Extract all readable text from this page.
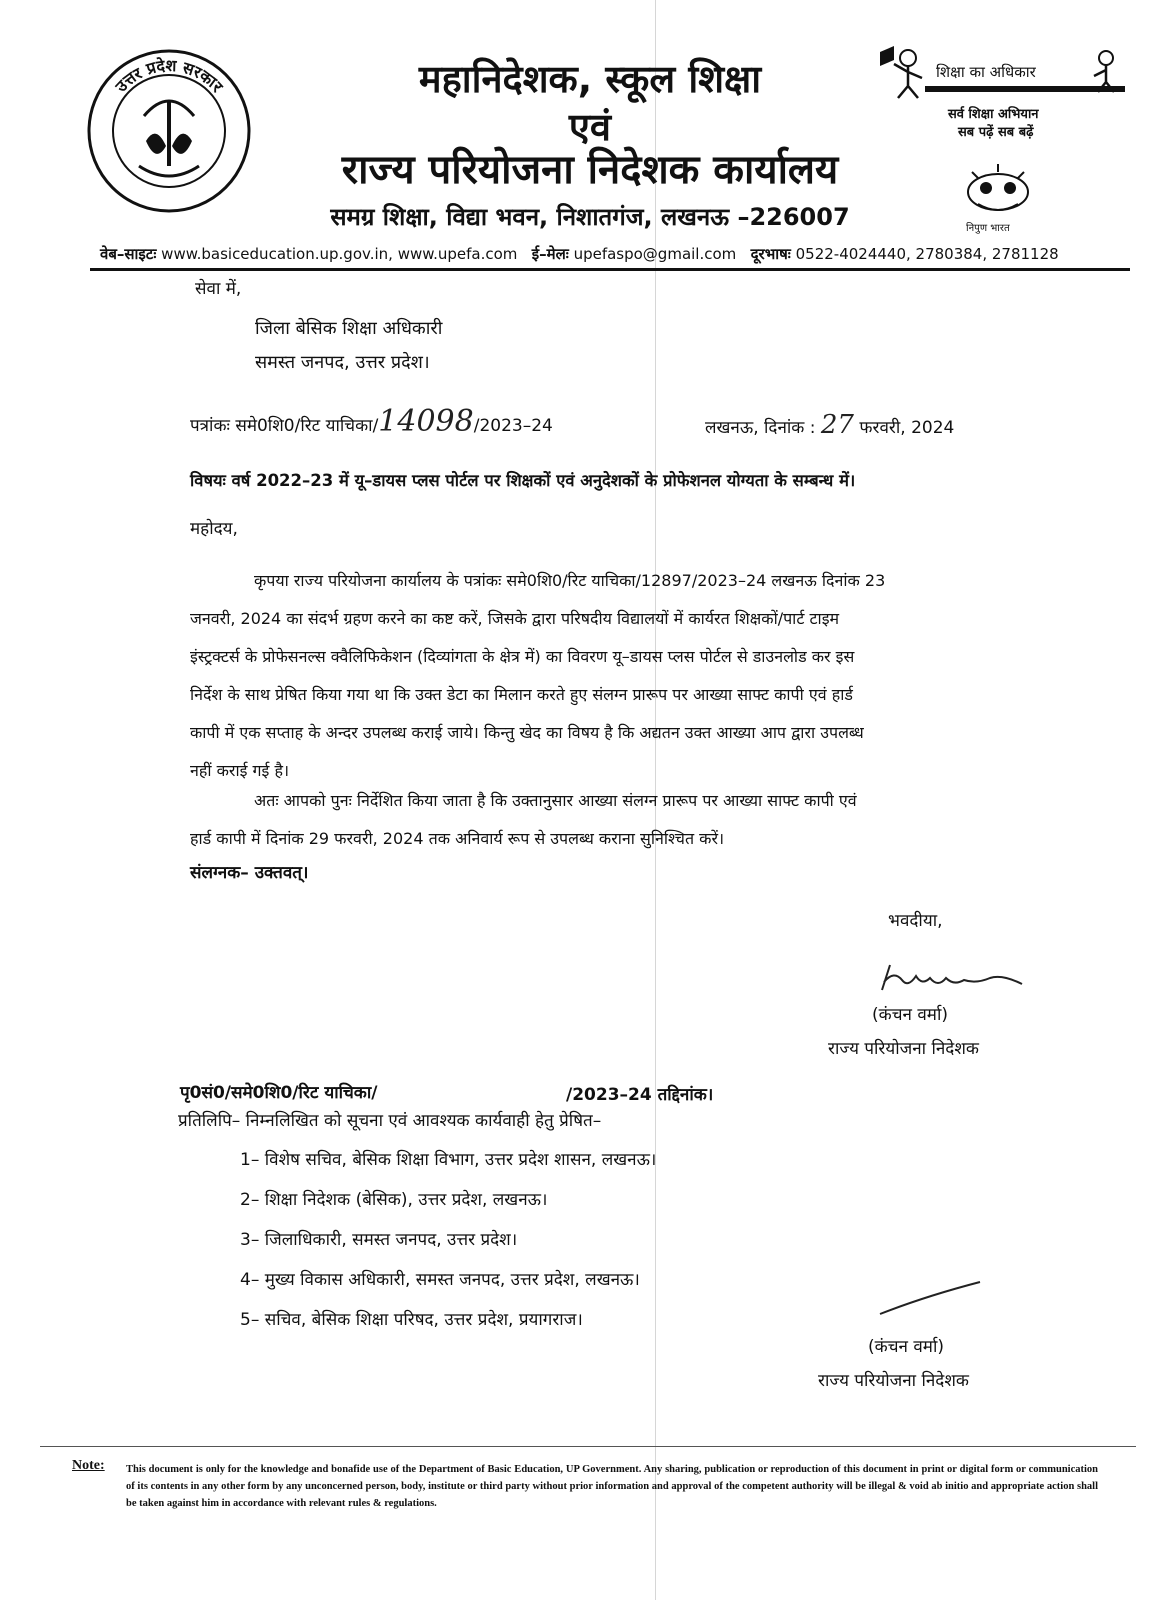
उत्तर प्रदेश सरकार	महानिदेशक, स्कूल शिक्षा
एवं
राज्य परियोजना निदेशक कार्यालय
समग्र शिक्षा, विद्या भवन, निशातगंज, लखनऊ –226007
शिक्षा का अधिकार
सर्व शिक्षा अभियान
सब पढ़ें सब बढ़ें
निपुण भारत
वेब–साइटः www.basiceducation.up.gov.in, www.upefa.com ई–मेलः upefaspo@gmail.com दूरभाषः 0522-4024440, 2780384, 2781128
सेवा में,
जिला बेसिक शिक्षा अधिकारी
समस्त जनपद, उत्तर प्रदेश।
पत्रांकः समे0शि0/रिट याचिका/14098/2023–24	लखनऊ, दिनांक : 27 फरवरी, 2024
विषयः वर्ष 2022–23 में यू–डायस प्लस पोर्टल पर शिक्षकों एवं अनुदेशकों के प्रोफेशनल योग्यता के सम्बन्ध में।
महोदय,
कृपया राज्य परियोजना कार्यालय के पत्रांकः समे0शि0/रिट याचिका/12897/2023–24 लखनऊ दिनांक 23
जनवरी, 2024 का संदर्भ ग्रहण करने का कष्ट करें, जिसके द्वारा परिषदीय विद्यालयों में कार्यरत शिक्षकों/पार्ट टाइम
इंस्ट्रक्टर्स के प्रोफेसनल्स क्वैलिफिकेशन (दिव्यांगता के क्षेत्र में) का विवरण यू–डायस प्लस पोर्टल से डाउनलोड कर इस
निर्देश के साथ प्रेषित किया गया था कि उक्त डेटा का मिलान करते हुए संलग्न प्रारूप पर आख्या साफ्ट कापी एवं हार्ड
कापी में एक सप्ताह के अन्दर उपलब्ध कराई जाये। किन्तु खेद का विषय है कि अद्यतन उक्त आख्या आप द्वारा उपलब्ध
नहीं कराई गई है।
अतः आपको पुनः निर्देशित किया जाता है कि उक्तानुसार आख्या संलग्न प्रारूप पर आख्या साफ्ट कापी एवं
हार्ड कापी में दिनांक 29 फरवरी, 2024 तक अनिवार्य रूप से उपलब्ध कराना सुनिश्चित करें।
संलग्नक– उक्तवत्।
भवदीया,
(कंचन वर्मा)
राज्य परियोजना निदेशक
पृ0सं0/समे0शि0/रिट याचिका/	/2023–24 तद्दिनांक।
प्रतिलिपि– निम्नलिखित को सूचना एवं आवश्यक कार्यवाही हेतु प्रेषित–
1– विशेष सचिव, बेसिक शिक्षा विभाग, उत्तर प्रदेश शासन, लखनऊ।
2– शिक्षा निदेशक (बेसिक), उत्तर प्रदेश, लखनऊ।
3– जिलाधिकारी, समस्त जनपद, उत्तर प्रदेश।
4– मुख्य विकास अधिकारी, समस्त जनपद, उत्तर प्रदेश, लखनऊ।
5– सचिव, बेसिक शिक्षा परिषद, उत्तर प्रदेश, प्रयागराज।
(कंचन वर्मा)
राज्य परियोजना निदेशक
Note: This document is only for the knowledge and bonafide use of the Department of Basic Education, UP Government. Any sharing, publication or reproduction of this document in print or digital form or communication of its contents in any other form by any unconcerned person, body, institute or third party without prior information and approval of the competent authority will be illegal & void ab initio and appropriate action shall be taken against him in accordance with relevant rules & regulations.
